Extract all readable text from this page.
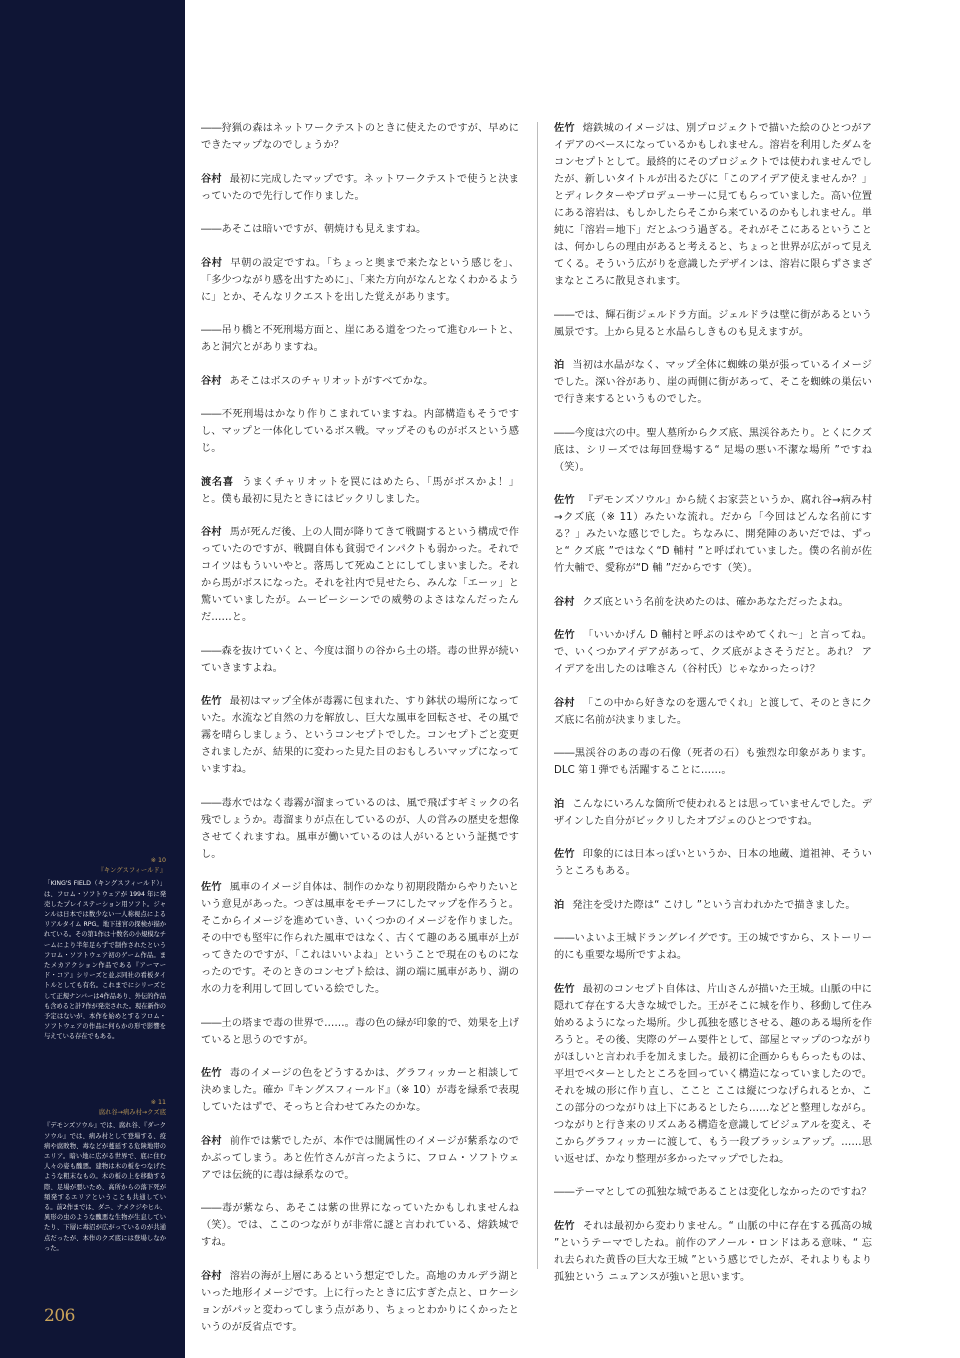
※ 10
『キングスフィールド』
「KING'S FIELD（キングスフィールド）」は、フロム・ソフトウェアが 1994 年に発売したプレイステーション用ソフト。ジャンルは日本では数少ない一人称視点によるリアルタイム RPG。地下迷宮の探検が描かれている。その第1作は十数名の小規模なチームにより半年足らずで制作されたというフロム・ソフトウェア初のゲーム作品。またメカアクション作品である『アーマード・コア』シリーズと並ぶ同社の看板タイトルとしても有名。これまでにシリーズとして正規ナンバーは4作品あり、外伝的作品も含めると計7作が発売された。現在新作の予定はないが、本作を始めとするフロム・ソフトウェアの作品に何らかの形で影響を与えている存在でもある。
※ 11
腐れ谷→病み村→クズ底
『デモンズソウル』では、腐れ谷、『ダークソウル』では、病み村として登場する、疫病や腐敗物、毒などが蔓延する危険地帯のエリア。暗い地に広がる世界で、底に住む人々の姿も醜悪。建物は木の板をつなげたような粗末なもの。木の板の上を移動する際、足場が悪いため、高所からの落下死が頻発するエリアということも共通している。前2作までは、ダニ、ナメクジやヒル、異形の虫のような醜悪な生物が生息していたり、下層に毒沼が広がっているのが共通点だったが、本作のクズ底には登場しなかった。
206

――狩猟の森はネットワークテストのときに使えたのですが、早めにできたマップなのでしょうか？

谷村 最初に完成したマップです。ネットワークテストで使うと決まっていたので先行して作りました。

――あそこは暗いですが、朝焼けも見えますね。

谷村 早朝の設定ですね。「ちょっと奥まで来たなという感じを」、「多少つながり感を出すために」、「来た方向がなんとなくわかるように」とか、そんなリクエストを出した覚えがあります。

――吊り橋と不死刑場方面と、崖にある道をつたって進むルートと、あと洞穴とがありますね。

谷村 あそこはボスのチャリオットがすべてかな。

――不死刑場はかなり作りこまれていますね。内部構造もそうですし、マップと一体化しているボス戦。マップそのものがボスという感じ。

渡名喜 うまくチャリオットを罠にはめたら、「馬がボスかよ！」と。僕も最初に見たときにはビックリしました。

谷村 馬が死んだ後、上の人間が降りてきて戦闘するという構成で作っていたのですが、戦闘自体も貧弱でインパクトも弱かった。それでコイツはもういいやと。落馬して死ぬことにしてしまいました。それから馬がボスになった。それを社内で見せたら、みんな「エーッ」と驚いていましたが。ムービーシーンでの威勢のよさはなんだったんだ……と。

――森を抜けていくと、今度は溜りの谷から土の塔。毒の世界が続いていきますよね。

佐竹 最初はマップ全体が毒霧に包まれた、すり鉢状の場所になっていた。水流など自然の力を解放し、巨大な風車を回転させ、その風で霧を晴らしましょう、というコンセプトでした。コンセプトごと変更されましたが、結果的に変わった見た目のおもしろいマップになっていますね。

――毒水ではなく毒霧が溜まっているのは、風で飛ばすギミックの名残でしょうか。毒溜まりが点在しているのが、人の営みの歴史を想像させてくれますね。風車が働いているのは人がいるという証拠ですし。

佐竹 風車のイメージ自体は、制作のかなり初期段階からやりたいという意見があった。つぎは風車をモチーフにしたマップを作ろうと。そこからイメージを進めていき、いくつかのイメージを作りました。その中でも堅牢に作られた風車ではなく、古くて趣のある風車が上がってきたのですが、「これはいいよね」ということで現在のものになったのです。そのときのコンセプト絵は、湖の端に風車があり、湖の水の力を利用して回している絵でした。

――土の塔まで毒の世界で……。毒の色の緑が印象的で、効果を上げていると思うのですが。

佐竹 毒のイメージの色をどうするかは、グラフィッカーと相談して決めました。確か『キングスフィールド』（※ 10）が毒を緑系で表現していたはずで、そっちと合わせてみたのかな。

谷村 前作では紫でしたが、本作では闇属性のイメージが紫系なのでかぶってしまう。あと佐竹さんが言ったように、フロム・ソフトウェアでは伝統的に毒は緑系なので。

――毒が紫なら、あそこは紫の世界になっていたかもしれませんね（笑）。では、ここのつながりが非常に謎と言われている、熔鉄城ですね。

谷村 溶岩の海が上層にあるという想定でした。高地のカルデラ湖といった地形イメージです。上に行ったときに広すぎた点と、ロケーションがパッと変わってしまう点があり、ちょっとわかりにくかったというのが反省点です。

佐竹 熔鉄城のイメージは、別プロジェクトで描いた絵のひとつがアイデアのベースになっているかもしれません。溶岩を利用したダムをコンセプトとして。最終的にそのプロジェクトでは使われませんでしたが、新しいタイトルが出るたびに「このアイデア使えませんか？」とディレクターやプロデューサーに見てもらっていました。高い位置にある溶岩は、もしかしたらそこから来ているのかもしれません。単純に「溶岩＝地下」だとふつう過ぎる。それがそこにあるということは、何かしらの理由があると考えると、ちょっと世界が広がって見えてくる。そういう広がりを意識したデザインは、溶岩に限らずさまざまなところに散見されます。

――では、輝石街ジェルドラ方面。ジェルドラは壁に街があるという風景です。上から見ると水晶らしきものも見えますが。

泊 当初は水晶がなく、マップ全体に蜘蛛の巣が張っているイメージでした。深い谷があり、崖の両側に街があって、そこを蜘蛛の巣伝いで行き来するというものでした。

――今度は穴の中。聖人墓所からクズ底、黒渓谷あたり。とくにクズ底は、シリーズでは毎回登場する“ 足場の悪い不潔な場所 ”ですね（笑）。

佐竹 『デモンズソウル』から続くお家芸というか、腐れ谷→病み村→クズ底（※ 11）みたいな流れ。だから「今回はどんな名前にする？」みたいな感じでした。ちなみに、開発陣のあいだでは、ずっと“ クズ底 ”ではなく“D 輔村 ”と呼ばれていました。僕の名前が佐竹大輔で、愛称が“D 輔 ”だからです（笑）。

谷村 クズ底という名前を決めたのは、確かあなただったよね。

佐竹 「いいかげん D 輔村と呼ぶのはやめてくれ～」と言ってね。で、いくつかアイデアがあって、クズ底がよさそうだと。あれ？ アイデアを出したのは唯さん（谷村氏）じゃなかったっけ？

谷村 「この中から好きなのを選んでくれ」と渡して、そのときにクズ底に名前が決まりました。

――黒渓谷のあの毒の石像（死者の石）も強烈な印象があります。DLC 第１弾でも活躍することに……。

泊 こんなにいろんな箇所で使われるとは思っていませんでした。デザインした自分がビックリしたオブジェのひとつですね。

佐竹 印象的には日本っぽいというか、日本の地蔵、道祖神、そういうところもある。

泊 発注を受けた際は“ こけし ”という言われかたで描きました。

――いよいよ王城ドラングレイグです。王の城ですから、ストーリー的にも重要な場所ですよね。

佐竹 最初のコンセプト自体は、片山さんが描いた王城。山脈の中に隠れて存在する大きな城でした。王がそこに城を作り、移動して住み始めるようになった場所。少し孤独を感じさせる、趣のある場所を作ろうと。その後、実際のゲーム要件として、部屋とマップのつながりがほしいと言われ手を加えました。最初に企画からもらったものは、平坦でベターとしたところを回っていく構造になっていましたので。それを城の形に作り直し、ここと ここは縦につなげられるとか、ここの部分のつながりは上下にあるとしたら……などと整理しながら。つながりと行き来のリズムある構造を意識してビジュアルを変え、そこからグラフィッカーに渡して、もう一段ブラッシュアップ。……思い返せば、かなり整理が多かったマップでしたね。

――テーマとしての孤独な城であることは変化しなかったのですね？

佐竹 それは最初から変わりません。“ 山脈の中に存在する孤高の城 ”というテーマでしたね。前作のアノール・ロンドはある意味、“ 忘れ去られた黄昏の巨大な王城 ”という感じでしたが、それよりもより孤独という ニュアンスが強いと思います。
